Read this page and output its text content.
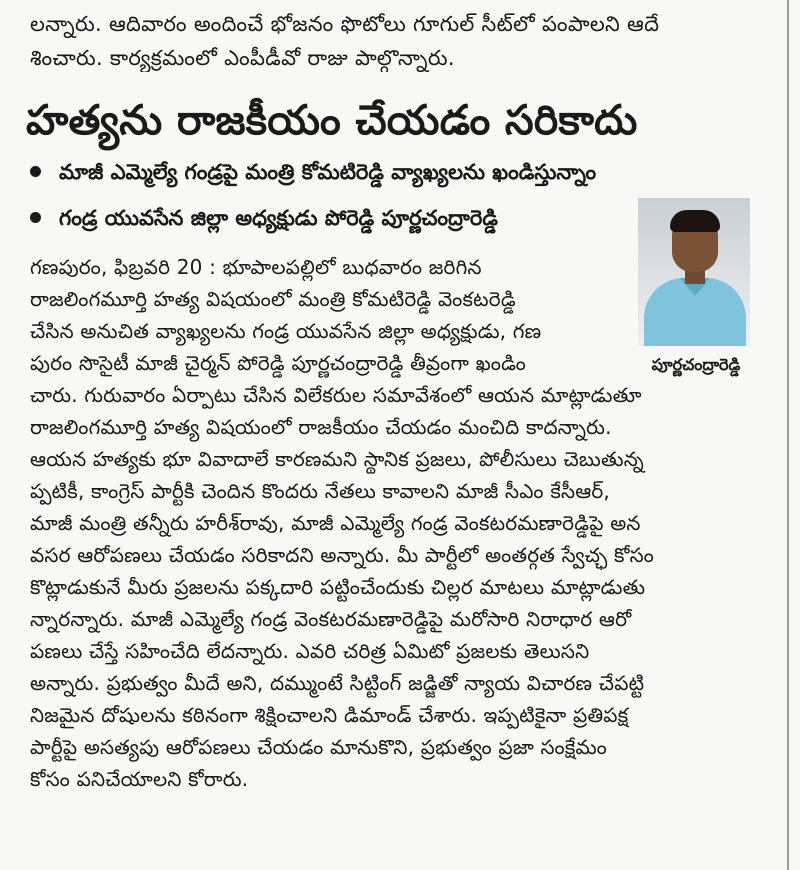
లన్నారు. ఆదివారం అందించే భోజనం ఫొటోలు గూగుల్ సీట్‌లో పంపాలని ఆదే
శించారు. కార్యక్రమంలో ఎంపీడీవో రాజు పాల్గొన్నారు.
హత్యను రాజకీయం చేయడం సరికాదు
మాజీ ఎమ్మెల్యే గండ్రపై మంత్రి కోమటిరెడ్డి వ్యాఖ్యలను ఖండిస్తున్నాం
గండ్ర యువసేన జిల్లా అధ్యక్షుడు పోరెడ్డి పూర్ణచంద్రారెడ్డి
పూర్ణచంద్రారెడ్డి
గణపురం, ఫిబ్రవరి 20 : భూపాలపల్లిలో బుధవారం జరిగిన
రాజలింగమూర్తి హత్య విషయంలో మంత్రి కోమటిరెడ్డి వెంకటరెడ్డి
చేసిన అనుచిత వ్యాఖ్యలను గండ్ర యువసేన జిల్లా అధ్యక్షుడు, గణ
పురం సొసైటీ మాజీ చైర్మన్ పోరెడ్డి పూర్ణచంద్రారెడ్డి తీవ్రంగా ఖండిం
చారు. గురువారం ఏర్పాటు చేసిన విలేకరుల సమావేశంలో ఆయన మాట్లాడుతూ
రాజలింగమూర్తి హత్య విషయంలో రాజకీయం చేయడం మంచిది కాదన్నారు.
ఆయన హత్యకు భూ వివాదాలే కారణమని స్థానిక ప్రజలు, పోలీసులు చెబుతున్న
ప్పటికీ, కాంగ్రెస్ పార్టీకి చెందిన కొందరు నేతలు కావాలని మాజీ సీఎం కేసీఆర్,
మాజీ మంత్రి తన్నీరు హరీశ్‌రావు, మాజీ ఎమ్మెల్యే గండ్ర వెంకటరమణారెడ్డిపై అన
వసర ఆరోపణలు చేయడం సరికాదని అన్నారు. మీ పార్టీలో అంతర్గత స్వేచ్ఛ కోసం
కొట్లాడుకునే మీరు ప్రజలను పక్కదారి పట్టించేందుకు చిల్లర మాటలు మాట్లాడుతు
న్నారన్నారు. మాజీ ఎమ్మెల్యే గండ్ర వెంకటరమణారెడ్డిపై మరోసారి నిరాధార ఆరో
పణలు చేస్తే సహించేది లేదన్నారు. ఎవరి చరిత్ర ఏమిటో ప్రజలకు తెలుసని
అన్నారు. ప్రభుత్వం మీదే అని, దమ్ముంటే సిట్టింగ్ జడ్జితో న్యాయ విచారణ చేపట్టి
నిజమైన దోషులను కఠినంగా శిక్షించాలని డిమాండ్ చేశారు. ఇప్పటికైనా ప్రతిపక్ష
పార్టీపై అసత్యపు ఆరోపణలు చేయడం మానుకొని, ప్రభుత్వం ప్రజా సంక్షేమం
కోసం పనిచేయాలని కోరారు.
